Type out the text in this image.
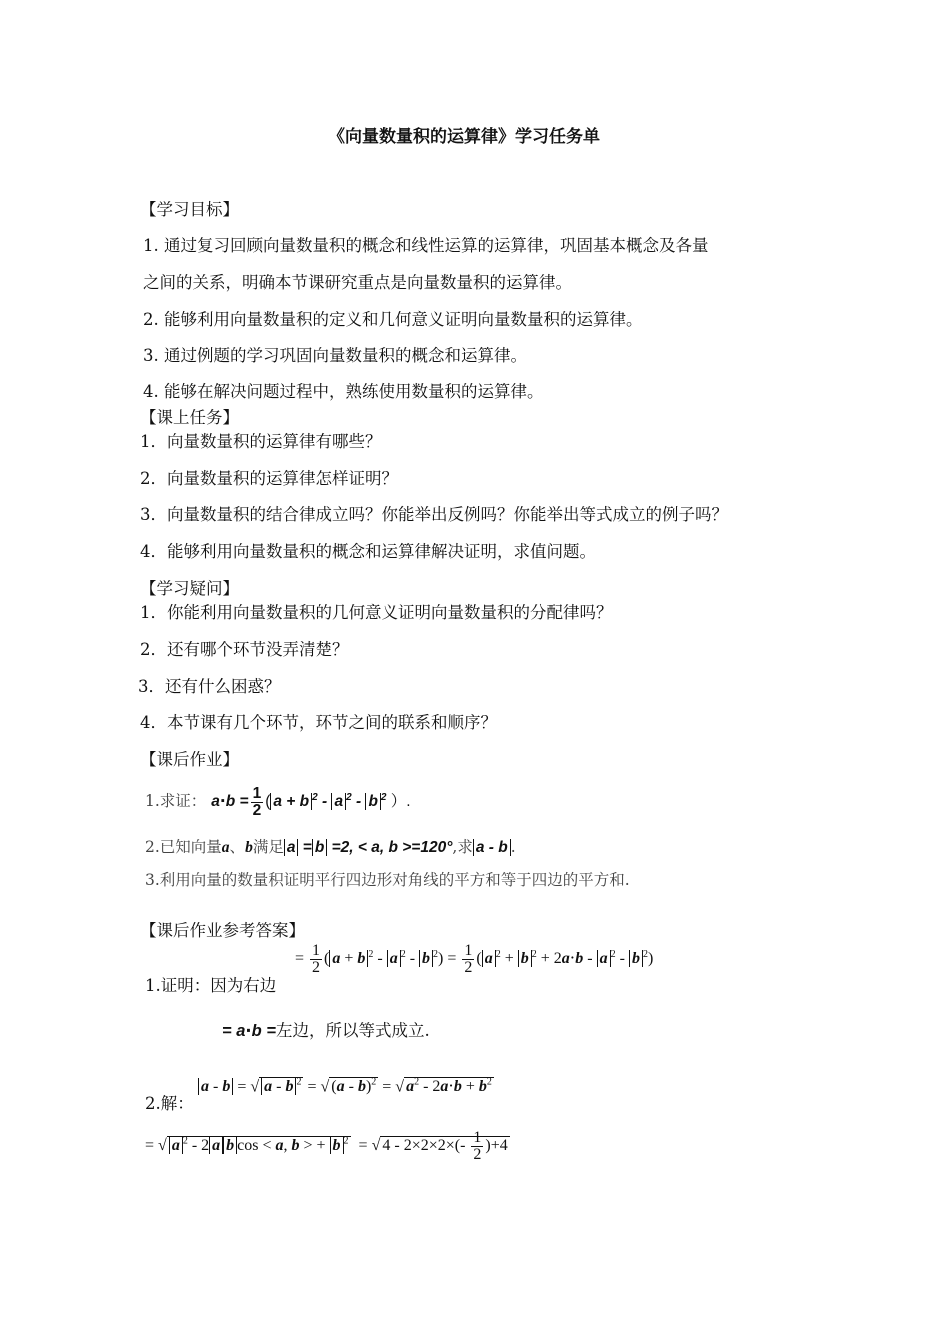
《向量数量积的运算律》学习任务单
【学习目标】
1. 通过复习回顾向量数量积的概念和线性运算的运算律，巩固基本概念及各量
之间的关系，明确本节课研究重点是向量数量积的运算律。
2. 能够利用向量数量积的定义和几何意义证明向量数量积的运算律。
3. 通过例题的学习巩固向量数量积的概念和运算律。
4. 能够在解决问题过程中，熟练使用数量积的运算律。
【课上任务】
1．向量数量积的运算律有哪些？
2．向量数量积的运算律怎样证明？
3．向量数量积的结合律成立吗？你能举出反例吗？你能举出等式成立的例子吗？
4．能够利用向量数量积的概念和运算律解决证明，求值问题。
【学习疑问】
1．你能利用向量数量积的几何意义证明向量数量积的分配律吗？
2．还有哪个环节没弄清楚？
3．还有什么困惑？
4．本节课有几个环节，环节之间的联系和顺序？
【课后作业】
1.求证： $a\cdot b = \frac{1}{2}$ ( a + b $^2$ - a $^2$ - b $^2$ ）.
2.已知向量a、b满足 a = b =2, < a, b >=120°,求 a - b .
3.利用向量的数量积证明平行四边形对角线的平方和等于四边的平方和.
【课后作业参考答案】
= $\frac{1}{2}$ ( a + b $^2$ - a $^2$ - b $^2) = \frac{1}{2}$ ( a $^2$ + b $^2$ + 2a⋅b - a $^2$ - b $^2$)
1.证明：因为右边
= a⋅b =左边，所以等式成立.
2.解：
a - b = √ a - b $^2$ = √ (a - b)$^2$ = √ $a^2 - 2a\cdot b + b^2$
= √ a $^2$ - 2 a b cos < a, b > + b $^2$  = √ $4 - 2\times 2\times 2\times(- \frac{1}{2} )+4$
